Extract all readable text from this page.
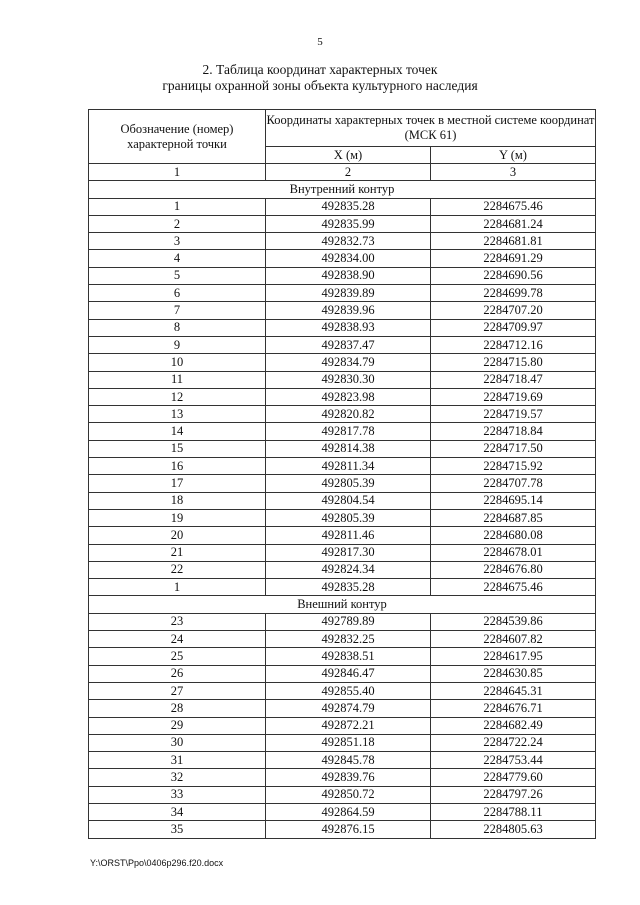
5
2. Таблица координат характерных точек
границы охранной зоны объекта культурного наследия
Обозначение (номер) характерной точки	Координаты характерных точек в местной системе координат (МСК 61)	
	X (м)	Y (м)
1	2	3
Внутренний контур		
1	492835.28	2284675.46
2	492835.99	2284681.24
3	492832.73	2284681.81
4	492834.00	2284691.29
5	492838.90	2284690.56
6	492839.89	2284699.78
7	492839.96	2284707.20
8	492838.93	2284709.97
9	492837.47	2284712.16
10	492834.79	2284715.80
11	492830.30	2284718.47
12	492823.98	2284719.69
13	492820.82	2284719.57
14	492817.78	2284718.84
15	492814.38	2284717.50
16	492811.34	2284715.92
17	492805.39	2284707.78
18	492804.54	2284695.14
19	492805.39	2284687.85
20	492811.46	2284680.08
21	492817.30	2284678.01
22	492824.34	2284676.80
1	492835.28	2284675.46
Внешний контур		
23	492789.89	2284539.86
24	492832.25	2284607.82
25	492838.51	2284617.95
26	492846.47	2284630.85
27	492855.40	2284645.31
28	492874.79	2284676.71
29	492872.21	2284682.49
30	492851.18	2284722.24
31	492845.78	2284753.44
32	492839.76	2284779.60
33	492850.72	2284797.26
34	492864.59	2284788.11
35	492876.15	2284805.63
Y:\ORST\Ppo\0406p296.f20.docx
